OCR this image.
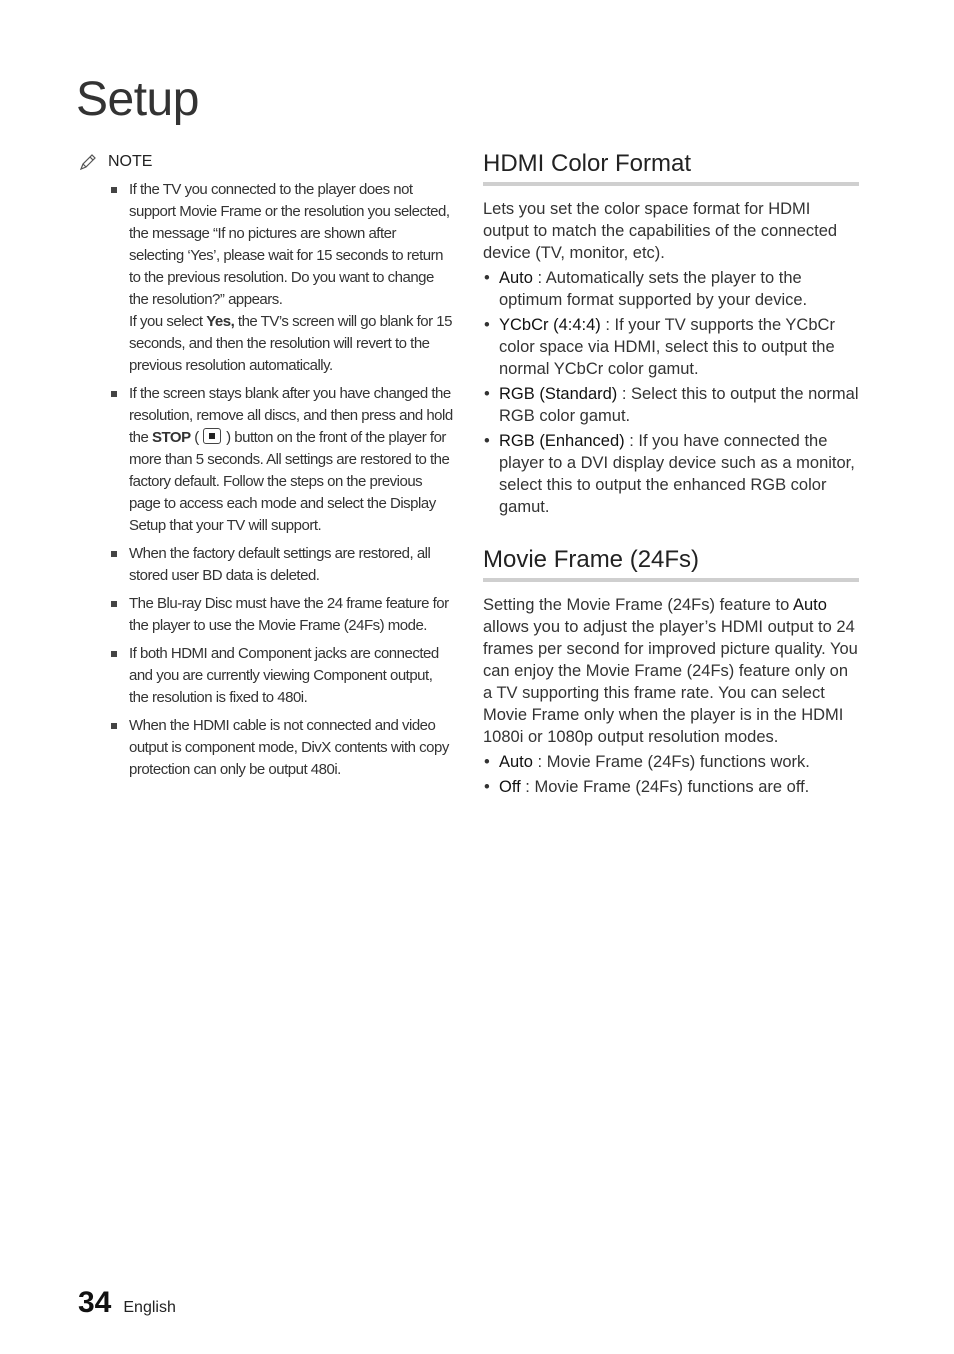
Setup
NOTE

If the TV you connected to the player does not support Movie Frame or the resolution you selected, the message “If no pictures are shown after selecting ‘Yes’, please wait for 15 seconds to return to the previous resolution. Do you want to change the resolution?” appears.

If you select Yes, the TV’s screen will go blank for 15 seconds, and then the resolution will revert to the previous resolution automatically.

If the screen stays blank after you have changed the resolution, remove all discs, and then press and hold the STOP (  ) button on the front of the player for more than 5 seconds. All settings are restored to the factory default. Follow the steps on the previous page to access each mode and select the Display Setup that your TV will support.

When the factory default settings are restored, all stored user BD data is deleted.

The Blu-ray Disc must have the 24 frame feature for the player to use the Movie Frame (24Fs) mode.

If both HDMI and Component jacks are connected and you are currently viewing Component output, the resolution is fixed to 480i.

When the HDMI cable is not connected and video output is component mode, DivX contents with copy protection can only be output 480i.

HDMI Color Format

Lets you set the color space format for HDMI output to match the capabilities of the connected device (TV, monitor, etc).

• Auto : Automatically sets the player to the optimum format supported by your device.
• YCbCr (4:4:4) : If your TV supports the YCbCr color space via HDMI, select this to output the normal YCbCr color gamut.
• RGB (Standard) : Select this to output the normal RGB color gamut.
• RGB (Enhanced) : If you have connected the player to a DVI display device such as a monitor, select this to output the enhanced RGB color gamut.
Movie Frame (24Fs)

Setting the Movie Frame (24Fs) feature to Auto allows you to adjust the player’s HDMI output to 24 frames per second for improved picture quality. You can enjoy the Movie Frame (24Fs) feature only on a TV supporting this frame rate. You can select Movie Frame only when the player is in the HDMI 1080i or 1080p output resolution modes.

• Auto : Movie Frame (24Fs) functions work.
• Off : Movie Frame (24Fs) functions are off.
34 English
